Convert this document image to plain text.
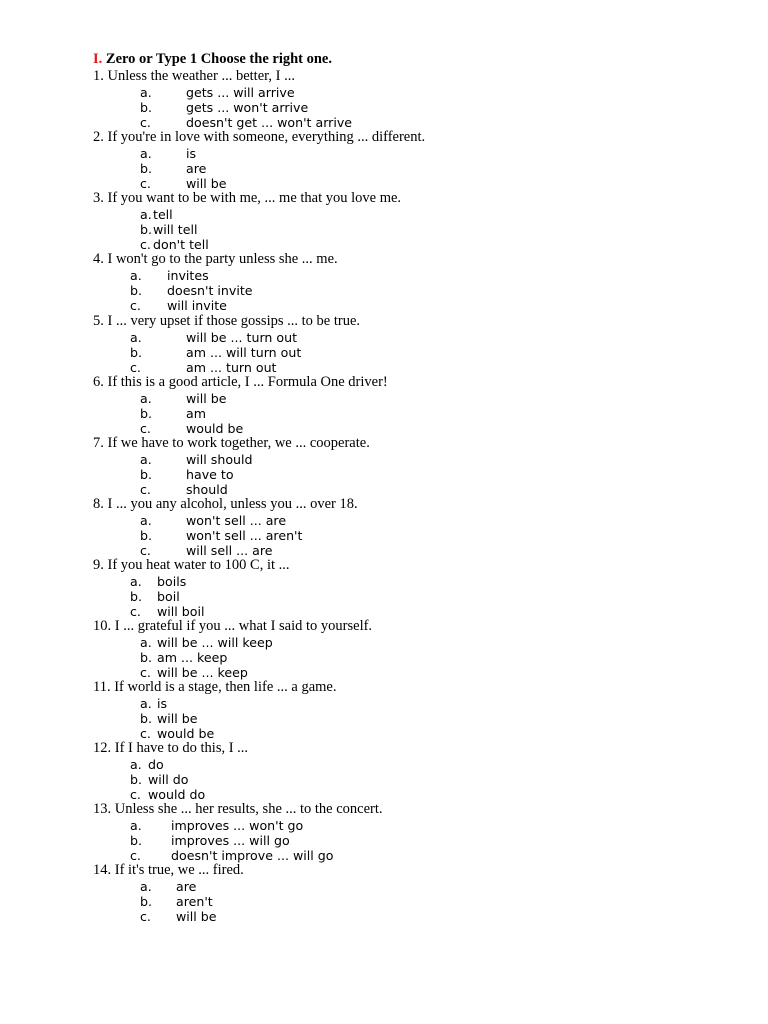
I. Zero or Type 1 Choose the right one.
1. Unless the weather ... better, I ...
a.	gets ... will arrive
b.	gets ... won't arrive
c.	doesn't get ... won't arrive
2. If you're in love with someone, everything ... different.
a.	is
b.	are
c.	will be
3. If you want to be with me, ... me that you love me.
a. tell
b. will tell
c. don't tell
4. I won't go to the party unless she ... me.
a. invites
b. doesn't invite
c. will invite
5. I ... very upset if those gossips ... to be true.
a.	will be ... turn out
b.	am ... will turn out
c.	am ... turn out
6. If this is a good article, I ... Formula One driver!
a.	will be
b.	am
c.	would be
7. If we have to work together, we ... cooperate.
a.	will should
b.	have to
c.	should
8. I ... you any alcohol, unless you ... over 18.
a.	won't sell ... are
b.	won't sell ... aren't
c.	will sell ... are
9. If you heat water to 100 C, it ...
a. boils
b. boil
c. will boil
10. I ... grateful if you ... what I said to yourself.
a. will be ... will keep
b. am ... keep
c. will be ... keep
11. If world is a stage, then life ... a game.
a. is
b. will be
c. would be
12. If I have to do this, I ...
a. do
b. will do
c. would do
13. Unless she ... her results, she ... to the concert.
a. improves ... won't go
b. improves ... will go
c. doesn't improve ... will go
14. If it's true, we ... fired.
a. are
b. aren't
c. will be
